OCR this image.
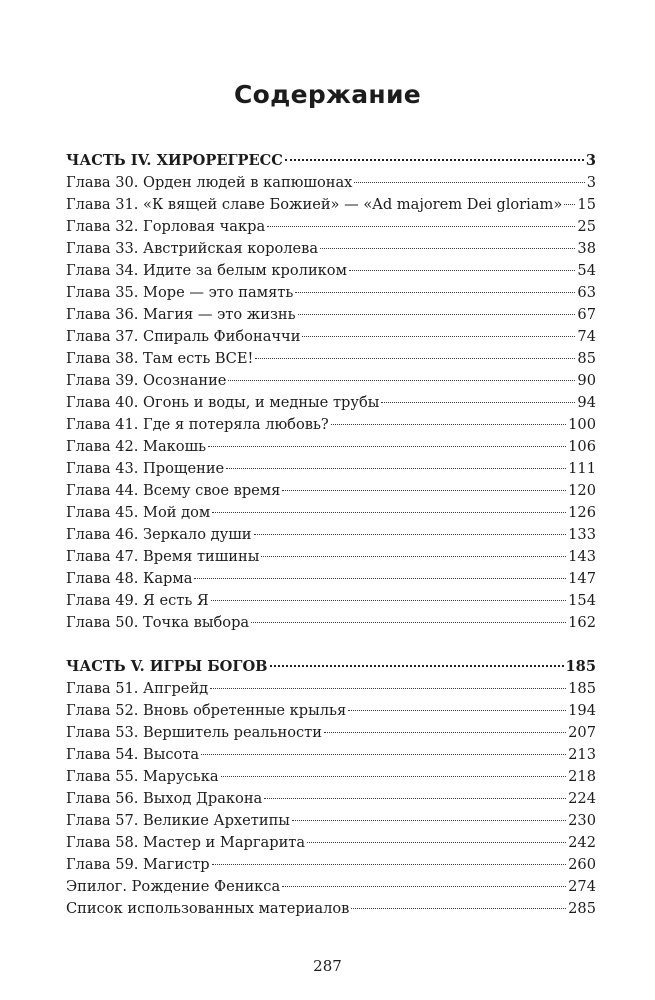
Содержание
ЧАСТЬ IV. ХИРОРЕГРЕСС	3
Глава 30. Орден людей в капюшонах	3
Глава 31. «К вящей славе Божией» — «Ad majorem Dei gloriam» 15
Глава 32. Горловая чакра	25
Глава 33. Австрийская королева	38
Глава 34. Идите за белым кроликом	54
Глава 35. Море — это память	63
Глава 36. Магия — это жизнь	67
Глава 37. Спираль Фибоначчи	74
Глава 38. Там есть ВСЕ!	85
Глава 39. Осознание	90
Глава 40. Огонь и воды, и медные трубы	94
Глава 41. Где я потеряла любовь?	100
Глава 42. Макошь	106
Глава 43. Прощение	111
Глава 44. Всему свое время	120
Глава 45. Мой дом	126
Глава 46. Зеркало души	133
Глава 47. Время тишины	143
Глава 48. Карма	147
Глава 49. Я есть Я	154
Глава 50. Точка выбора	162
ЧАСТЬ V. ИГРЫ БОГОВ	185
Глава 51. Апгрейд	185
Глава 52. Вновь обретенные крылья	194
Глава 53. Вершитель реальности	207
Глава 54. Высота	213
Глава 55. Маруська	218
Глава 56. Выход Дракона	224
Глава 57. Великие Архетипы	230
Глава 58. Мастер и Маргарита	242
Глава 59. Магистр	260
Эпилог. Рождение Феникса	274
Список использованных материалов	285
287
